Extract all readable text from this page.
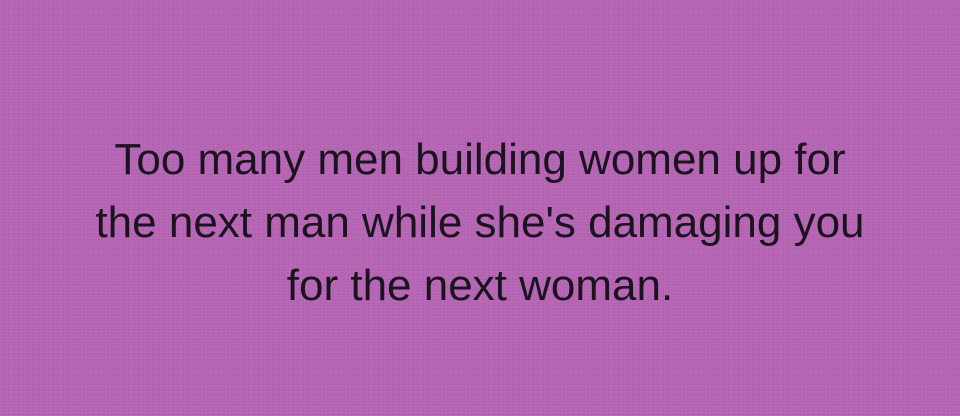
Too many men building women up for
the next man while she's damaging you
for the next woman.
